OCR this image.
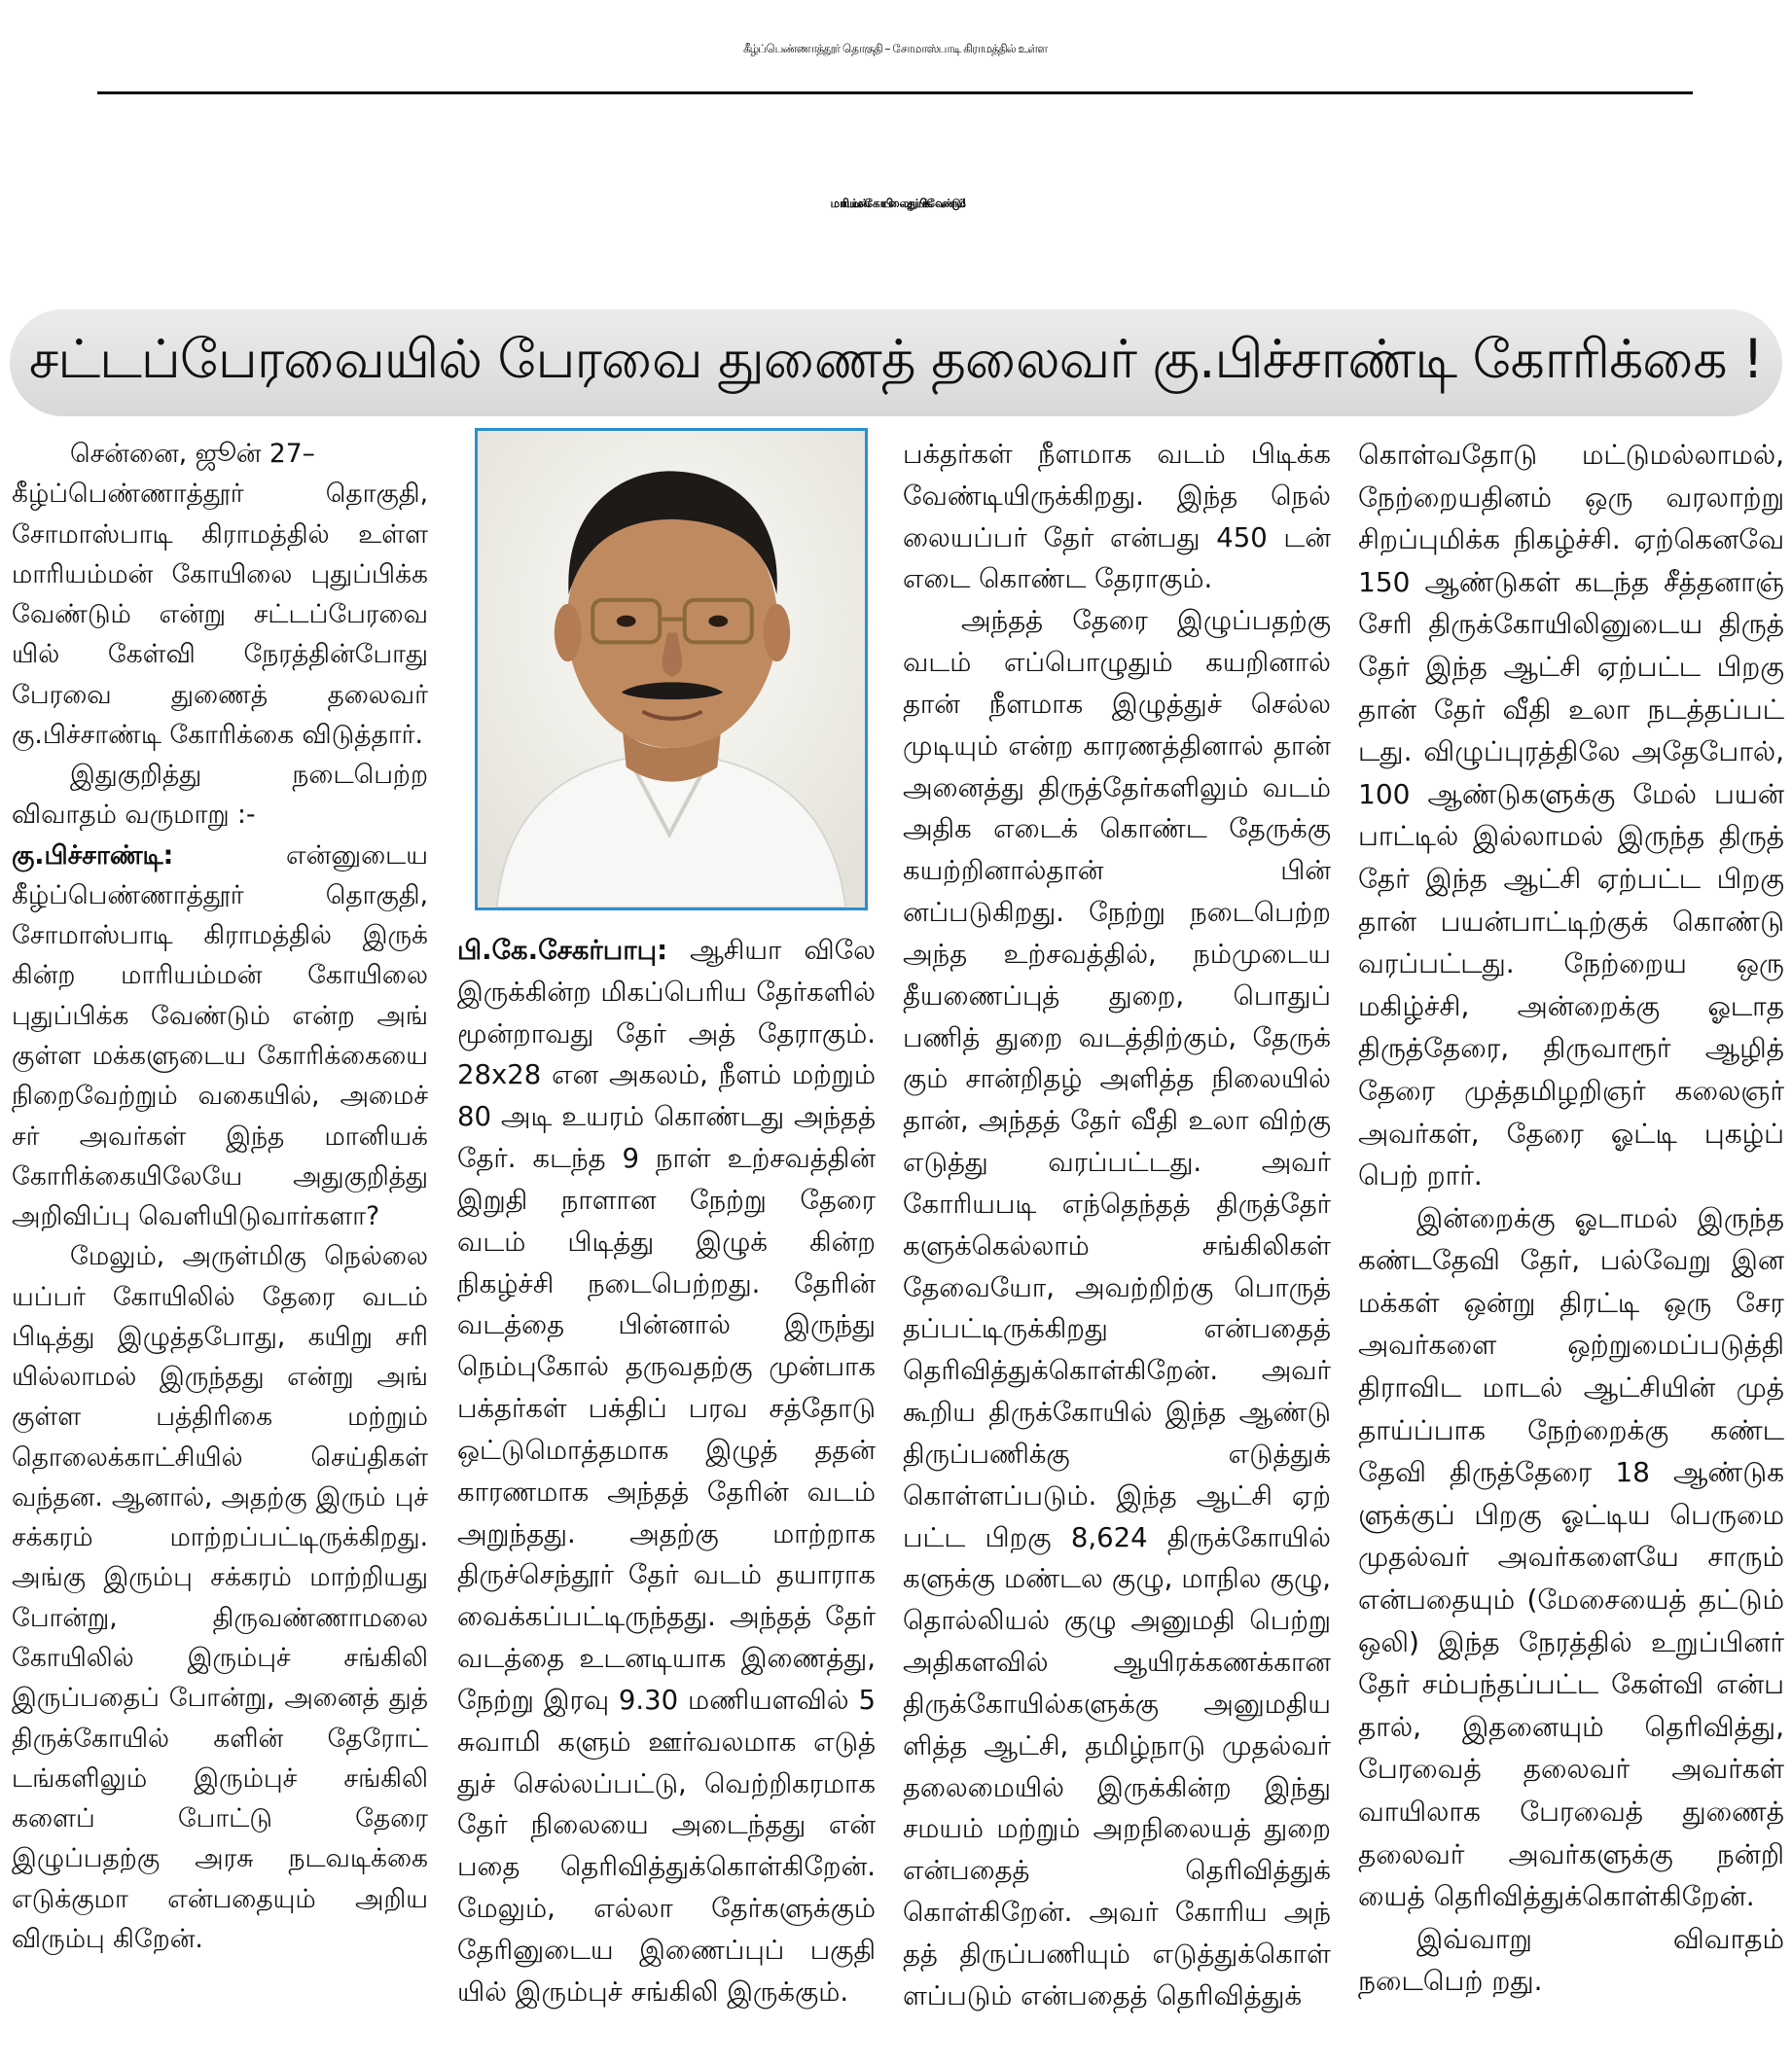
கீழ்ப்பெண்ணாத்தூர் தொகுதி – சோமாஸ்பாடி கிராமத்தில் உள்ள
மாரியம்மன் கோயிலை புதுப்பிக்க வேண்டும்!
சட்டப்பேரவையில் பேரவை துணைத் தலைவர் கு.பிச்சாண்டி கோரிக்கை !

சென்னை, ஜூன் 27–

கீழ்ப்பெண்ணாத்தூர் தொகுதி, சோமாஸ்பாடி கிராமத்தில் உள்ள மாரியம்மன் கோயிலை புதுப்பிக்க வேண்டும் என்று சட்டப்பேரவை யில் கேள்வி நேரத்தின்போது பேரவை துணைத் தலைவர் கு.பிச்சாண்டி கோரிக்கை விடுத்தார்.

இதுகுறித்து நடைபெற்ற விவாதம் வருமாறு :-

கு.பிச்சாண்டி: என்னுடைய கீழ்ப்பெண்ணாத்தூர் தொகுதி, சோமாஸ்பாடி கிராமத்தில் இருக் கின்ற மாரியம்மன் கோயிலை புதுப்பிக்க வேண்டும் என்ற அங் குள்ள மக்களுடைய கோரிக்கையை நிறைவேற்றும் வகையில், அமைச் சர் அவர்கள் இந்த மானியக் கோரிக்கையிலேயே அதுகுறித்து அறிவிப்பு வெளியிடுவார்களா?

மேலும், அருள்மிகு நெல்லை யப்பர் கோயிலில் தேரை வடம் பிடித்து இழுத்தபோது, கயிறு சரி யில்லாமல் இருந்தது என்று அங் குள்ள பத்திரிகை மற்றும் தொலைக்காட்சியில் செய்திகள் வந்தன. ஆனால், அதற்கு இரும் புச் சக்கரம் மாற்றப்பட்டிருக்கிறது. அங்கு இரும்பு சக்கரம் மாற்றியது போன்று, திருவண்ணாமலை கோயிலில் இரும்புச் சங்கிலி இருப்பதைப் போன்று, அனைத் துத் திருக்கோயில் களின் தேரோட் டங்களிலும் இரும்புச் சங்கிலி களைப் போட்டு தேரை இழுப்பதற்கு அரசு நடவடிக்கை எடுக்குமா என்பதையும் அறிய விரும்பு கிறேன்.

பி.கே.சேகர்பாபு: ஆசியா விலே இருக்கின்ற மிகப்பெரிய தேர்களில் மூன்றாவது தேர் அத் தேராகும். 28x28 என அகலம், நீளம் மற்றும் 80 அடி உயரம் கொண்டது அந்தத் தேர். கடந்த 9 நாள் உற்சவத்தின் இறுதி நாளான நேற்று தேரை வடம் பிடித்து இழுக் கின்ற நிகழ்ச்சி நடைபெற்றது. தேரின் வடத்தை பின்னால் இருந்து நெம்புகோல் தருவதற்கு முன்பாக பக்தர்கள் பக்திப் பரவ சத்தோடு ஒட்டுமொத்தமாக இழுத் ததன் காரணமாக அந்தத் தேரின் வடம் அறுந்தது. அதற்கு மாற்றாக திருச்செந்தூர் தேர் வடம் தயாராக வைக்கப்பட்டிருந்தது. அந்தத் தேர் வடத்தை உடனடியாக இணைத்து, நேற்று இரவு 9.30 மணியளவில் 5 சுவாமி களும் ஊர்வலமாக எடுத் துச் செல்லப்பட்டு, வெற்றிகரமாக தேர் நிலையை அடைந்தது என் பதை தெரிவித்துக்கொள்கிறேன். மேலும், எல்லா தேர்களுக்கும் தேரினுடைய இணைப்புப் பகுதி யில் இரும்புச் சங்கிலி இருக்கும்.

பக்தர்கள் நீளமாக வடம் பிடிக்க வேண்டியிருக்கிறது. இந்த நெல் லையப்பர் தேர் என்பது 450 டன் எடை கொண்ட தேராகும்.

அந்தத் தேரை இழுப்பதற்கு வடம் எப்பொழுதும் கயறினால் தான் நீளமாக இழுத்துச் செல்ல முடியும் என்ற காரணத்தினால் தான் அனைத்து திருத்தேர்களிலும் வடம் அதிக எடைக் கொண்ட தேருக்கு கயற்றினால்தான் பின் னப்படுகிறது. நேற்று நடைபெற்ற அந்த உற்சவத்தில், நம்முடைய தீயணைப்புத் துறை, பொதுப் பணித் துறை வடத்திற்கும், தேருக் கும் சான்றிதழ் அளித்த நிலையில் தான், அந்தத் தேர் வீதி உலா விற்கு எடுத்து வரப்பட்டது. அவர் கோரியபடி எந்தெந்தத் திருத்தேர் களுக்கெல்லாம் சங்கிலிகள் தேவையோ, அவற்றிற்கு பொருத் தப்பட்டிருக்கிறது என்பதைத் தெரிவித்துக்கொள்கிறேன். அவர் கூறிய திருக்கோயில் இந்த ஆண்டு திருப்பணிக்கு எடுத்துக் கொள்ளப்படும். இந்த ஆட்சி ஏற் பட்ட பிறகு 8,624 திருக்கோயில் களுக்கு மண்டல குழு, மாநில குழு, தொல்லியல் குழு அனுமதி பெற்று அதிகளவில் ஆயிரக்கணக்கான திருக்கோயில்களுக்கு அனுமதிய ளித்த ஆட்சி, தமிழ்நாடு முதல்வர் தலைமையில் இருக்கின்ற இந்து சமயம் மற்றும் அறநிலையத் துறை என்பதைத் தெரிவித்துக் கொள்கிறேன். அவர் கோரிய அந் தத் திருப்பணியும் எடுத்துக்கொள் ளப்படும் என்பதைத் தெரிவித்துக்

கொள்வதோடு மட்டுமல்லாமல், நேற்றையதினம் ஒரு வரலாற்று சிறப்புமிக்க நிகழ்ச்சி. ஏற்கெனவே 150 ஆண்டுகள் கடந்த சீத்தனாஞ் சேரி திருக்கோயிலினுடைய திருத் தேர் இந்த ஆட்சி ஏற்பட்ட பிறகு தான் தேர் வீதி உலா நடத்தப்பட் டது. விழுப்புரத்திலே அதேபோல், 100 ஆண்டுகளுக்கு மேல் பயன் பாட்டில் இல்லாமல் இருந்த திருத் தேர் இந்த ஆட்சி ஏற்பட்ட பிறகு தான் பயன்பாட்டிற்குக் கொண்டு வரப்பட்டது. நேற்றைய ஒரு மகிழ்ச்சி, அன்றைக்கு ஓடாத திருத்தேரை, திருவாரூர் ஆழித் தேரை முத்தமிழறிஞர் கலைஞர் அவர்கள், தேரை ஓட்டி புகழ்ப் பெற் றார்.

இன்றைக்கு ஓடாமல் இருந்த கண்டதேவி தேர், பல்வேறு இன மக்கள் ஒன்று திரட்டி ஒரு சேர அவர்களை ஒற்றுமைப்படுத்தி திராவிட மாடல் ஆட்சியின் முத் தாய்ப்பாக நேற்றைக்கு கண்ட தேவி திருத்தேரை 18 ஆண்டுக ளுக்குப் பிறகு ஓட்டிய பெருமை முதல்வர் அவர்களையே சாரும் என்பதையும் (மேசையைத் தட்டும் ஒலி) இந்த நேரத்தில் உறுப்பினர் தேர் சம்பந்தப்பட்ட கேள்வி என்ப தால், இதனையும் தெரிவித்து, பேரவைத் தலைவர் அவர்கள் வாயிலாக பேரவைத் துணைத் தலைவர் அவர்களுக்கு நன்றி யைத் தெரிவித்துக்கொள்கிறேன்.

இவ்வாறு விவாதம் நடைபெற் றது.
